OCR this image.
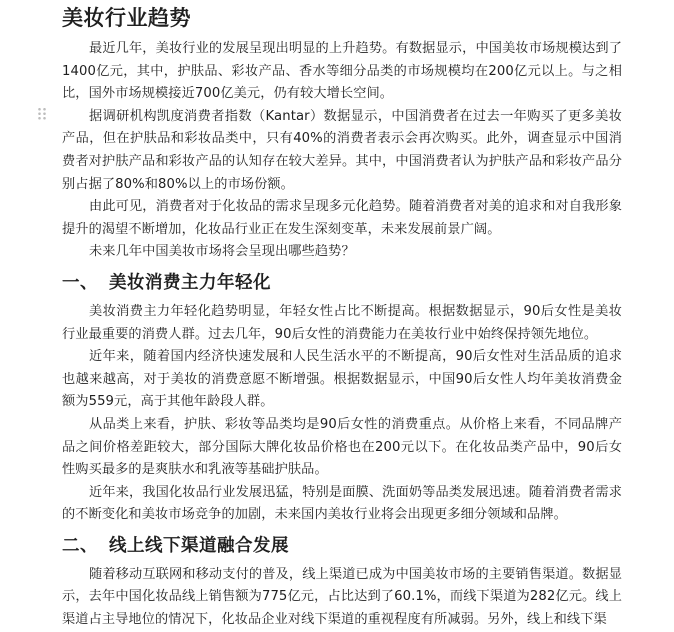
美妆行业趋势

最近几年，美妆行业的发展呈现出明显的上升趋势。有数据显示，中国美妆市场规模达到了1400亿元，其中，护肤品、彩妆产品、香水等细分品类的市场规模均在200亿元以上。与之相比，国外市场规模接近700亿美元，仍有较大增长空间。

据调研机构凯度消费者指数（Kantar）数据显示，中国消费者在过去一年购买了更多美妆产品，但在护肤品和彩妆品类中，只有40%的消费者表示会再次购买。此外，调查显示中国消费者对护肤产品和彩妆产品的认知存在较大差异。其中，中国消费者认为护肤产品和彩妆产品分别占据了80%和80%以上的市场份额。

由此可见，消费者对于化妆品的需求呈现多元化趋势。随着消费者对美的追求和对自我形象提升的渴望不断增加，化妆品行业正在发生深刻变革，未来发展前景广阔。

未来几年中国美妆市场将会呈现出哪些趋势？

一、 美妆消费主力年轻化

美妆消费主力年轻化趋势明显，年轻女性占比不断提高。根据数据显示，90后女性是美妆行业最重要的消费人群。过去几年，90后女性的消费能力在美妆行业中始终保持领先地位。

近年来，随着国内经济快速发展和人民生活水平的不断提高，90后女性对生活品质的追求也越来越高，对于美妆的消费意愿不断增强。根据数据显示，中国90后女性人均年美妆消费金额为559元，高于其他年龄段人群。

从品类上来看，护肤、彩妆等品类均是90后女性的消费重点。从价格上来看，不同品牌产品之间价格差距较大，部分国际大牌化妆品价格也在200元以下。在化妆品类产品中，90后女性购买最多的是爽肤水和乳液等基础护肤品。

近年来，我国化妆品行业发展迅猛，特别是面膜、洗面奶等品类发展迅速。随着消费者需求的不断变化和美妆市场竞争的加剧，未来国内美妆行业将会出现更多细分领域和品牌。

二、 线上线下渠道融合发展

随着移动互联网和移动支付的普及，线上渠道已成为中国美妆市场的主要销售渠道。数据显示，去年中国化妆品线上销售额为775亿元，占比达到了60.1%，而线下渠道为282亿元。线上渠道占主导地位的情况下，化妆品企业对线下渠道的重视程度有所减弱。另外，线上和线下渠
